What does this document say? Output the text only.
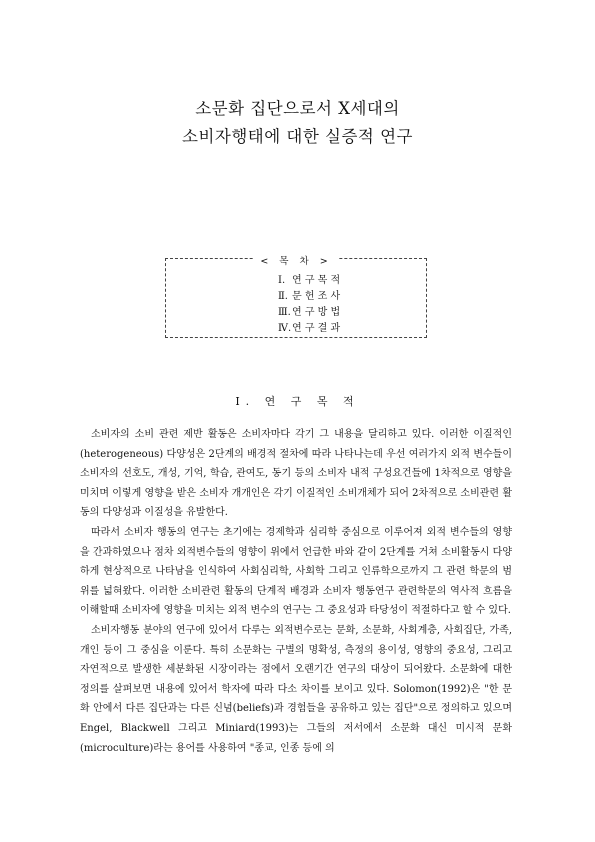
소문화 집단으로서 X세대의
소비자행태에 대한 실증적 연구
< 목 차 >
Ⅰ. 연 구 목 적
Ⅱ. 문 헌 조 사
Ⅲ.연 구 방 법
Ⅳ.연 구 결 과
Ⅰ. 연 구 목 적

소비자의 소비 관련 제반 활동은 소비자마다 각기 그 내용을 달리하고 있다. 이러한 이질적인(heterogeneous) 다양성은 2단계의 배경적 절차에 따라 나타나는데 우선 여러가지 외적 변수들이 소비자의 선호도, 개성, 기억, 학습, 관여도, 동기 등의 소비자 내적 구성요건들에 1차적으로 영향을 미치며 이렇게 영향을 받은 소비자 개개인은 각기 이질적인 소비개체가 되어 2차적으로 소비관련 활동의 다양성과 이질성을 유발한다.

따라서 소비자 행동의 연구는 초기에는 경제학과 심리학 중심으로 이루어져 외적 변수들의 영향을 간과하였으나 점차 외적변수들의 영향이 위에서 언급한 바와 같이 2단계를 거쳐 소비활동시 다양하게 현상적으로 나타남을 인식하여 사회심리학, 사회학 그리고 인류학으로까지 그 관련 학문의 범위를 넓혀왔다. 이러한 소비관련 활동의 단계적 배경과 소비자 행동연구 관련학문의 역사적 흐름을 이해할때 소비자에 영향을 미치는 외적 변수의 연구는 그 중요성과 타당성이 적절하다고 할 수 있다.

소비자행동 분야의 연구에 있어서 다루는 외적변수로는 문화, 소문화, 사회계층, 사회집단, 가족, 개인 등이 그 중심을 이룬다. 특히 소문화는 구별의 명확성, 측정의 용이성, 영향의 중요성, 그리고 자연적으로 발생한 세분화된 시장이라는 점에서 오랜기간 연구의 대상이 되어왔다. 소문화에 대한 정의를 살펴보면 내용에 있어서 학자에 따라 다소 차이를 보이고 있다. Solomon(1992)은 "한 문화 안에서 다른 집단과는 다른 신념(beliefs)과 경험들을 공유하고 있는 집단"으로 정의하고 있으며 Engel, Blackwell 그리고 Miniard(1993)는 그들의 저서에서 소문화 대신 미시적 문화(microculture)라는 용어를 사용하여 "종교, 인종 등에 의
